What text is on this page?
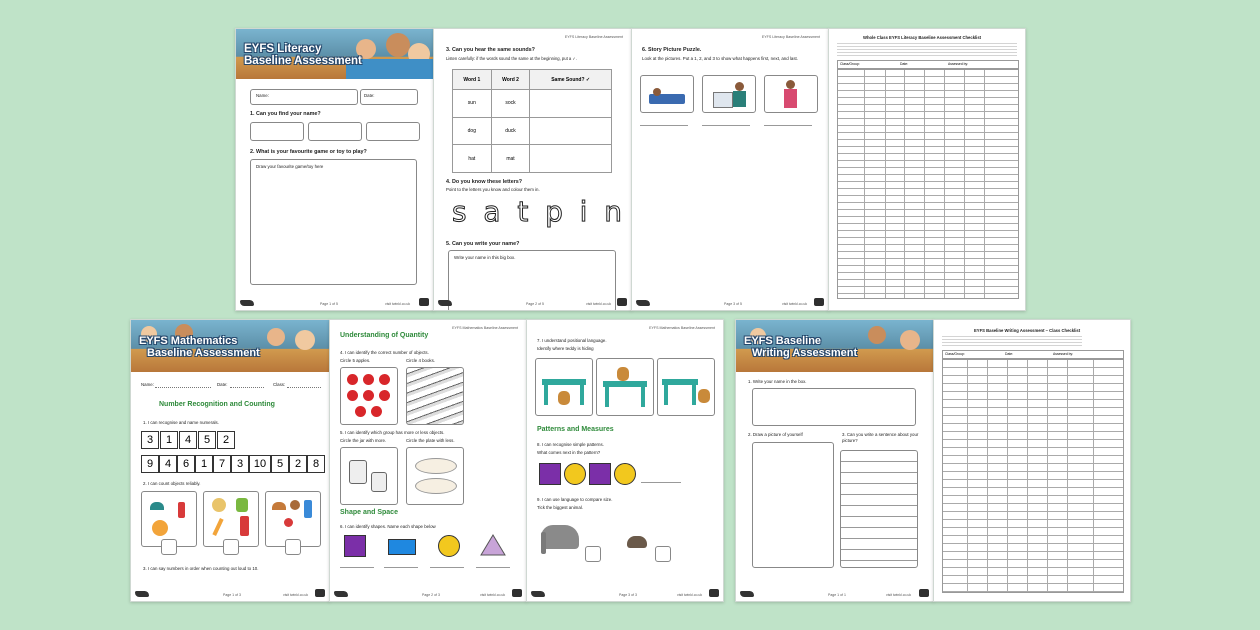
EYFS Literacy
Baseline Assessment
Name:	Date:
1. Can you find your name?
2. What is your favourite game or toy to play?
Draw your favourite game/toy here
Page 1 of 5	visit twinkl.co.uk
EYFS Literacy Baseline Assessment
3. Can you hear the same sounds?
Listen carefully: if the words sound the same at the beginning, put a ✓.
Word 1	Word 2	Same Sound? ✓
sun	sock	
dog	duck	
hat	mat	
4. Do you know these letters?
Point to the letters you know and colour them in.
s a t p i n
5. Can you write your name?
Write your name in this big box.
Page 2 of 5	visit twinkl.co.uk
EYFS Literacy Baseline Assessment
6. Story Picture Puzzle.
Look at the pictures. Put a 1, 2, and 3 to show what happens first, next, and last.
Page 3 of 5	visit twinkl.co.uk
Whole Class EYFS Literacy Baseline Assessment Checklist
Class/Group:	Date:	Assessed by:
EYFS Mathematics
Baseline Assessment
Name:	Date:	Class:
Number Recognition and Counting
1. I can recognise and name numerals.
3	1	4	5	2
9	4	6	1	7	3 10 5	2	8
2. I can count objects reliably.
3. I can say numbers in order when counting out loud to 10.
Page 1 of 3	visit twinkl.co.uk
EYFS Mathematics Baseline Assessment
Understanding of Quantity
4. I can identify the correct number of objects.
Circle 5 apples.	Circle 4 books.
5. I can identify which group has more or less objects.
Circle the jar with more.	Circle the plate with less.
Shape and Space
6. I can identify shapes. Name each shape below
Page 2 of 3	visit twinkl.co.uk
EYFS Mathematics Baseline Assessment
7. I understand positional language.
Identify where teddy is hiding
Patterns and Measures
8. I can recognise simple patterns.
What comes next in the pattern?
9. I can use language to compare size.
Tick the biggest animal.
Page 3 of 3	visit twinkl.co.uk
EYFS Baseline
Writing Assessment
1. Write your name in the box.
2. Draw a picture of yourself	3. Can you write a sentence about your picture?
Page 1 of 1	visit twinkl.co.uk
EYFS Baseline Writing Assessment – Class Checklist
Class/Group:	Date:	Assessed by:
